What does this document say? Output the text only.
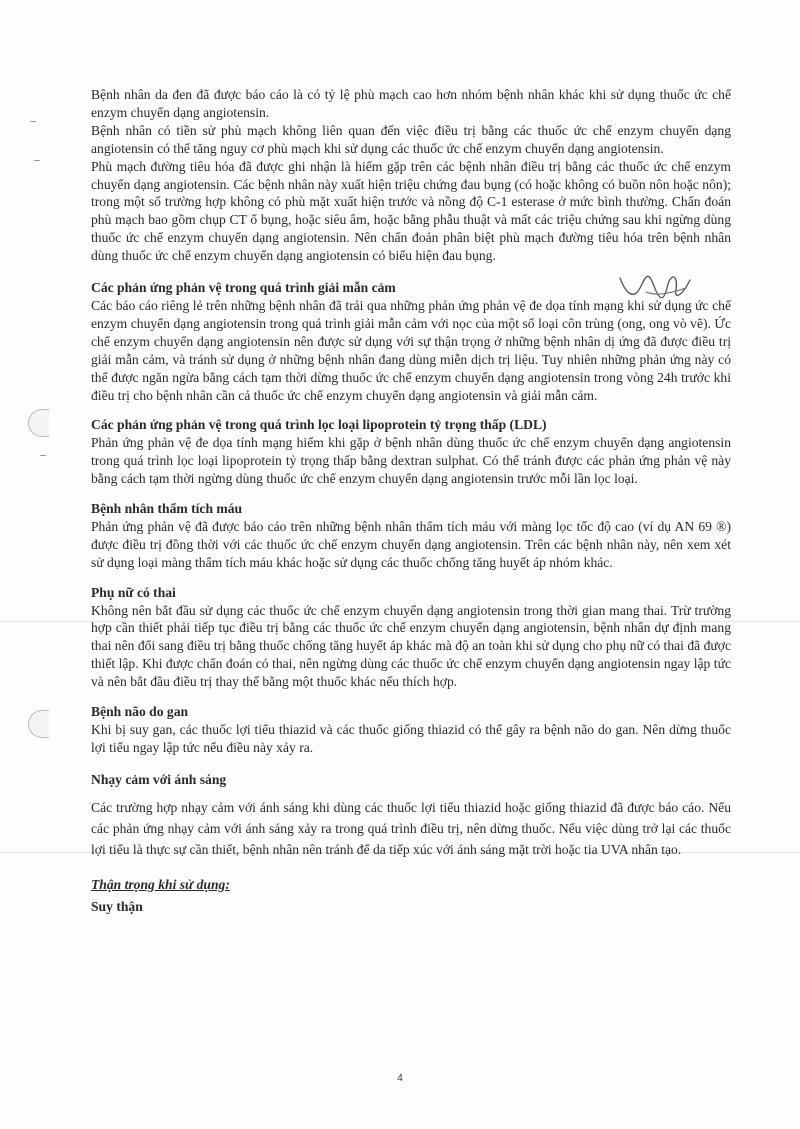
Bệnh nhân da đen đã được báo cáo là có tỷ lệ phù mạch cao hơn nhóm bệnh nhân khác khi sử dụng thuốc ức chế enzym chuyển dạng angiotensin.

Bệnh nhân có tiền sử phù mạch không liên quan đến việc điều trị bằng các thuốc ức chế enzym chuyển dạng angiotensin có thể tăng nguy cơ phù mạch khi sử dụng các thuốc ức chế enzym chuyển dạng angiotensin.

Phù mạch đường tiêu hóa đã được ghi nhận là hiếm gặp trên các bệnh nhân điều trị bằng các thuốc ức chế enzym chuyển dạng angiotensin. Các bệnh nhân này xuất hiện triệu chứng đau bụng (có hoặc không có buồn nôn hoặc nôn); trong một số trường hợp không có phù mặt xuất hiện trước và nồng độ C-1 esterase ở mức bình thường. Chẩn đoán phù mạch bao gồm chụp CT ổ bụng, hoặc siêu âm, hoặc bằng phẫu thuật và mất các triệu chứng sau khi ngừng dùng thuốc ức chế enzym chuyển dạng angiotensin. Nên chẩn đoán phân biệt phù mạch đường tiêu hóa trên bệnh nhân dùng thuốc ức chế enzym chuyển dạng angiotensin có biểu hiện đau bụng.

Các phản ứng phản vệ trong quá trình giải mẫn cảm

Các báo cáo riêng lẻ trên những bệnh nhân đã trải qua những phản ứng phản vệ đe dọa tính mạng khi sử dụng ức chế enzym chuyển dạng angiotensin trong quá trình giải mẫn cảm với nọc của một số loại côn trùng (ong, ong vò vẽ). Ức chế enzym chuyển dạng angiotensin nên được sử dụng với sự thận trọng ở những bệnh nhân dị ứng đã được điều trị giải mẫn cảm, và tránh sử dụng ở những bệnh nhân đang dùng miễn dịch trị liệu. Tuy nhiên những phản ứng này có thể được ngăn ngừa bằng cách tạm thời dừng thuốc ức chế enzym chuyển dạng angiotensin trong vòng 24h trước khi điều trị cho bệnh nhân cần cả thuốc ức chế enzym chuyển dạng angiotensin và giải mẫn cảm.

Các phản ứng phản vệ trong quá trình lọc loại lipoprotein tỷ trọng thấp (LDL)

Phản ứng phản vệ đe dọa tính mạng hiếm khi gặp ở bệnh nhân dùng thuốc ức chế enzym chuyển dạng angiotensin trong quá trình lọc loại lipoprotein tỷ trọng thấp bằng dextran sulphat. Có thể tránh được các phản ứng phản vệ này bằng cách tạm thời ngừng dùng thuốc ức chế enzym chuyển dạng angiotensin trước mỗi lần lọc loại.

Bệnh nhân thẩm tích máu

Phản ứng phản vệ đã được báo cáo trên những bệnh nhân thẩm tích máu với màng lọc tốc độ cao (ví dụ AN 69 ®) được điều trị đồng thời với các thuốc ức chế enzym chuyển dạng angiotensin. Trên các bệnh nhân này, nên xem xét sử dụng loại màng thẩm tích máu khác hoặc sử dụng các thuốc chống tăng huyết áp nhóm khác.

Phụ nữ có thai

Không nên bắt đầu sử dụng các thuốc ức chế enzym chuyển dạng angiotensin trong thời gian mang thai. Trừ trường hợp cần thiết phải tiếp tục điều trị bằng các thuốc ức chế enzym chuyển dạng angiotensin, bệnh nhân dự định mang thai nên đổi sang điều trị bằng thuốc chống tăng huyết áp khác mà độ an toàn khi sử dụng cho phụ nữ có thai đã được thiết lập. Khi được chẩn đoán có thai, nên ngừng dùng các thuốc ức chế enzym chuyển dạng angiotensin ngay lập tức và nên bắt đầu điều trị thay thế bằng một thuốc khác nếu thích hợp.

Bệnh não do gan

Khi bị suy gan, các thuốc lợi tiểu thiazid và các thuốc giống thiazid có thể gây ra bệnh não do gan. Nên dừng thuốc lợi tiểu ngay lập tức nếu điều này xảy ra.

Nhạy cảm với ánh sáng

Các trường hợp nhạy cảm với ánh sáng khi dùng các thuốc lợi tiểu thiazid hoặc giống thiazid đã được báo cáo. Nếu các phản ứng nhạy cảm với ánh sáng xảy ra trong quá trình điều trị, nên dừng thuốc. Nếu việc dùng trở lại các thuốc lợi tiểu là thực sự cần thiết, bệnh nhân nên tránh để da tiếp xúc với ánh sáng mặt trời hoặc tia UVA nhân tạo.

Thận trọng khi sử dụng:

Suy thận

4
